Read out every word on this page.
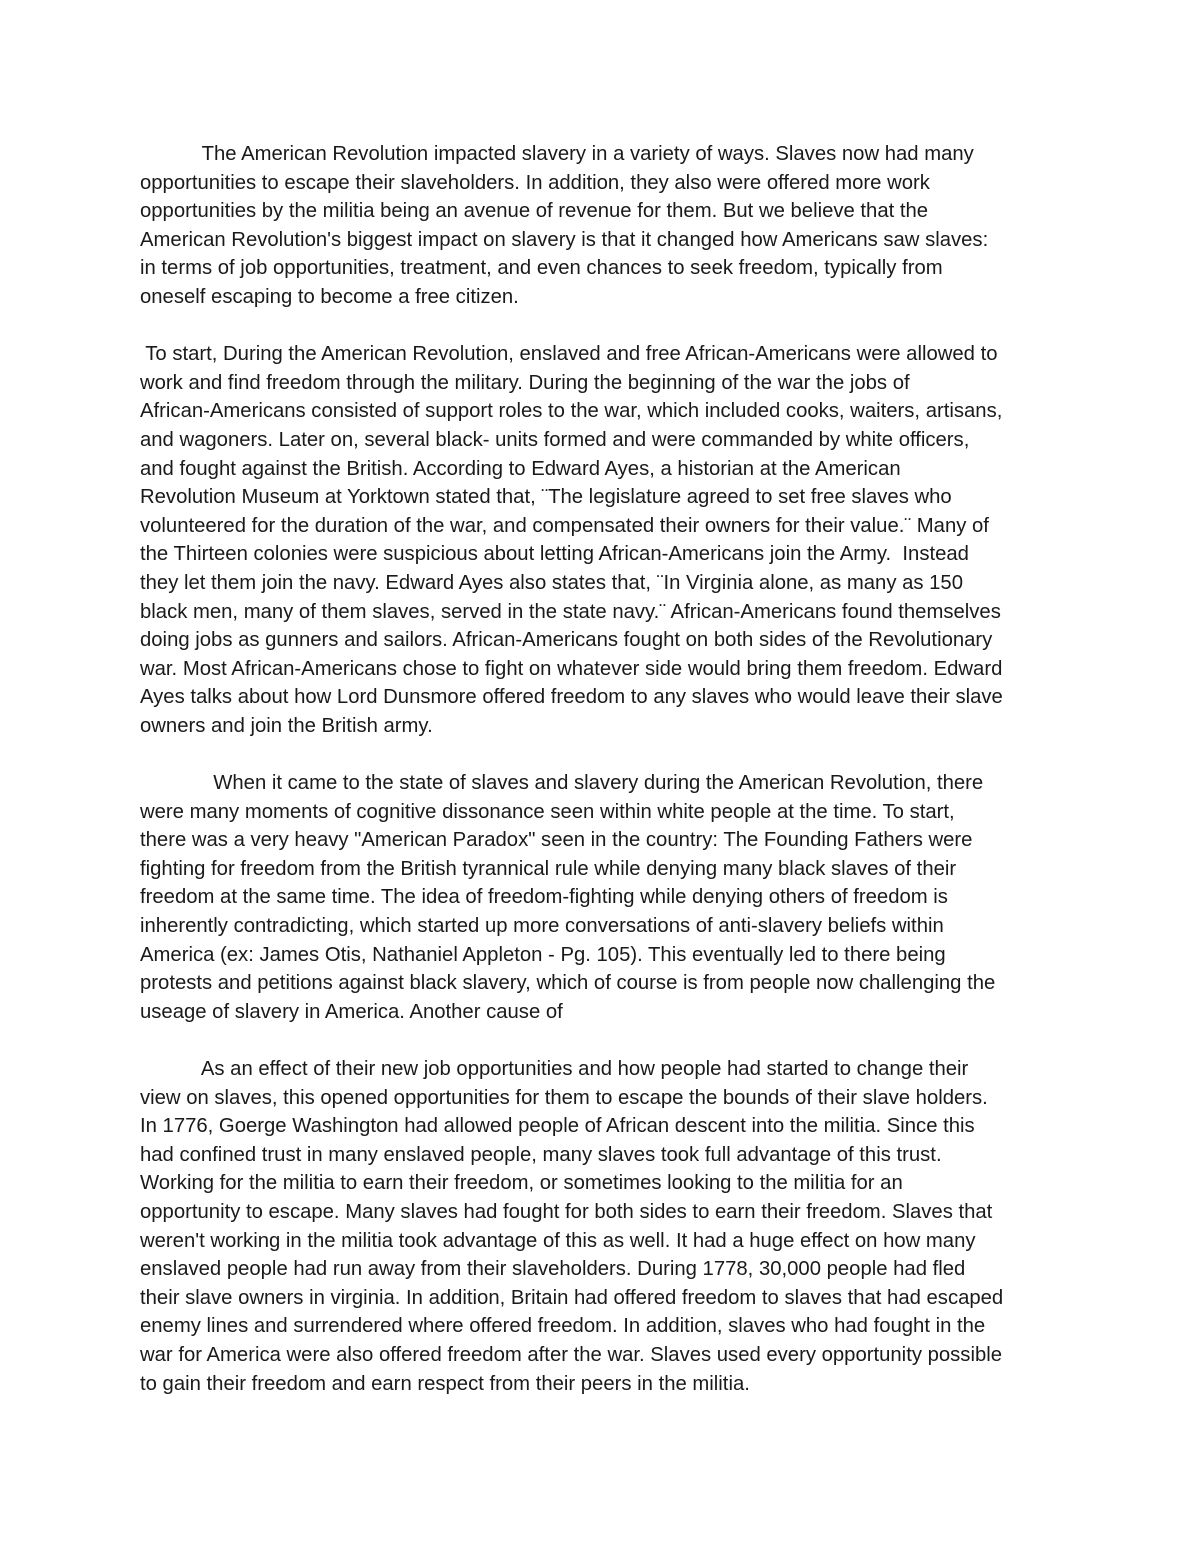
The American Revolution impacted slavery in a variety of ways. Slaves now had many
opportunities to escape their slaveholders. In addition, they also were offered more work
opportunities by the militia being an avenue of revenue for them. But we believe that the
American Revolution's biggest impact on slavery is that it changed how Americans saw slaves:
in terms of job opportunities, treatment, and even chances to seek freedom, typically from
oneself escaping to become a free citizen.
To start, During the American Revolution, enslaved and free African-Americans were allowed to
work and find freedom through the military. During the beginning of the war the jobs of
African-Americans consisted of support roles to the war, which included cooks, waiters, artisans,
and wagoners. Later on, several black- units formed and were commanded by white officers,
and fought against the British. According to Edward Ayes, a historian at the American
Revolution Museum at Yorktown stated that, ¨The legislature agreed to set free slaves who
volunteered for the duration of the war, and compensated their owners for their value.¨ Many of
the Thirteen colonies were suspicious about letting African-Americans join the Army.  Instead
they let them join the navy. Edward Ayes also states that, ¨In Virginia alone, as many as 150
black men, many of them slaves, served in the state navy.¨ African-Americans found themselves
doing jobs as gunners and sailors. African-Americans fought on both sides of the Revolutionary
war. Most African-Americans chose to fight on whatever side would bring them freedom. Edward
Ayes talks about how Lord Dunsmore offered freedom to any slaves who would leave their slave
owners and join the British army.
When it came to the state of slaves and slavery during the American Revolution, there
were many moments of cognitive dissonance seen within white people at the time. To start,
there was a very heavy "American Paradox" seen in the country: The Founding Fathers were
fighting for freedom from the British tyrannical rule while denying many black slaves of their
freedom at the same time. The idea of freedom-fighting while denying others of freedom is
inherently contradicting, which started up more conversations of anti-slavery beliefs within
America (ex: James Otis, Nathaniel Appleton - Pg. 105). This eventually led to there being
protests and petitions against black slavery, which of course is from people now challenging the
useage of slavery in America. Another cause of
As an effect of their new job opportunities and how people had started to change their
view on slaves, this opened opportunities for them to escape the bounds of their slave holders.
In 1776, Goerge Washington had allowed people of African descent into the militia. Since this
had confined trust in many enslaved people, many slaves took full advantage of this trust.
Working for the militia to earn their freedom, or sometimes looking to the militia for an
opportunity to escape. Many slaves had fought for both sides to earn their freedom. Slaves that
weren't working in the militia took advantage of this as well. It had a huge effect on how many
enslaved people had run away from their slaveholders. During 1778, 30,000 people had fled
their slave owners in virginia. In addition, Britain had offered freedom to slaves that had escaped
enemy lines and surrendered where offered freedom. In addition, slaves who had fought in the
war for America were also offered freedom after the war. Slaves used every opportunity possible
to gain their freedom and earn respect from their peers in the militia.
